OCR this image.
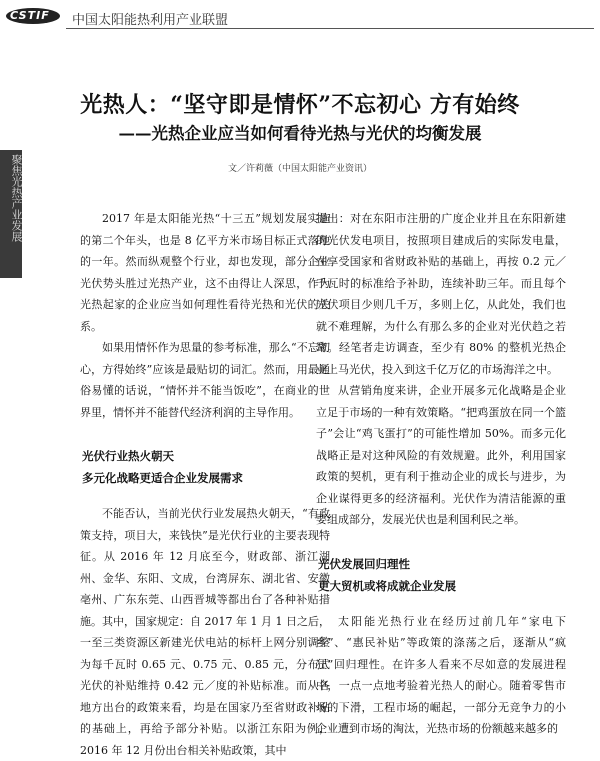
CSTIF 中国太阳能热利用产业联盟
聚焦光热产业发展
光热人：“坚守即是情怀”不忘初心 方有始终
——光热企业应当如何看待光热与光伏的均衡发展
文／许莉薇（中国太阳能产业资讯）

2017 年是太阳能光热“十三五”规划发展实施的第二个年头，也是 8 亿平方米市场目标正式落地的一年。然而纵观整个行业，却也发现，部分企业光伏势头胜过光热产业，这不由得让人深思，作为光热起家的企业应当如何理性看待光热和光伏的关系。

如果用情怀作为思量的参考标准，那么“不忘初心，方得始终”应该是最贴切的词汇。然而，用最通俗易懂的话说，“情怀并不能当饭吃”，在商业的世界里，情怀并不能替代经济利润的主导作用。

光伏行业热火朝天
多元化战略更适合企业发展需求

不能否认，当前光伏行业发展热火朝天，“有政策支持，项目大，来钱快”是光伏行业的主要表现特征。从 2016 年 12 月底至今，财政部、浙江湖州、金华、东阳、文成，台湾屏东、湖北省、安徽亳州、广东东莞、山西晋城等都出台了各种补贴措施。其中，国家规定：自 2017 年 1 月 1 日之后，一至三类资源区新建光伏电站的标杆上网分别调整为每千瓦时 0.65 元、0.75 元、0.85 元，分布式光伏的补贴维持 0.42 元／度的补贴标准。而从各地方出台的政策来看，均是在国家乃至省财政补贴的基础上，再给予部分补贴。以浙江东阳为例，2016 年 12 月份出台相关补贴政策，其中

提出：对在东阳市注册的广度企业并且在东阳新建的光伏发电项目，按照项目建成后的实际发电量，在享受国家和省财政补贴的基础上，再按 0.2 元／千瓦时的标准给予补助，连续补助三年。而且每个光伏项目少则几千万，多则上亿，从此处，我们也就不难理解，为什么有那么多的企业对光伏趋之若鹜。经笔者走访调查，至少有 80% 的整机光热企业上马光伏，投入到这千亿万亿的市场海洋之中。

从营销角度来讲，企业开展多元化战略是企业立足于市场的一种有效策略。“把鸡蛋放在同一个篮子”会让“鸡飞蛋打”的可能性增加 50%。而多元化战略正是对这种风险的有效规避。此外，利用国家政策的契机，更有利于推动企业的成长与进步，为企业谋得更多的经济福利。光伏作为清洁能源的重要组成部分，发展光伏也是利国利民之举。

光伏发展回归理性
更大贸机或将成就企业发展

太阳能光热行业在经历过前几年“家电下乡”、“惠民补贴”等政策的涤荡之后，逐渐从“疯狂”回归理性。在许多人看来不尽如意的发展进程中，一点一点地考验着光热人的耐心。随着零售市场的下滑，工程市场的崛起，一部分无竞争力的小企业遭到市场的淘汰，光热市场的份额越来越多的
